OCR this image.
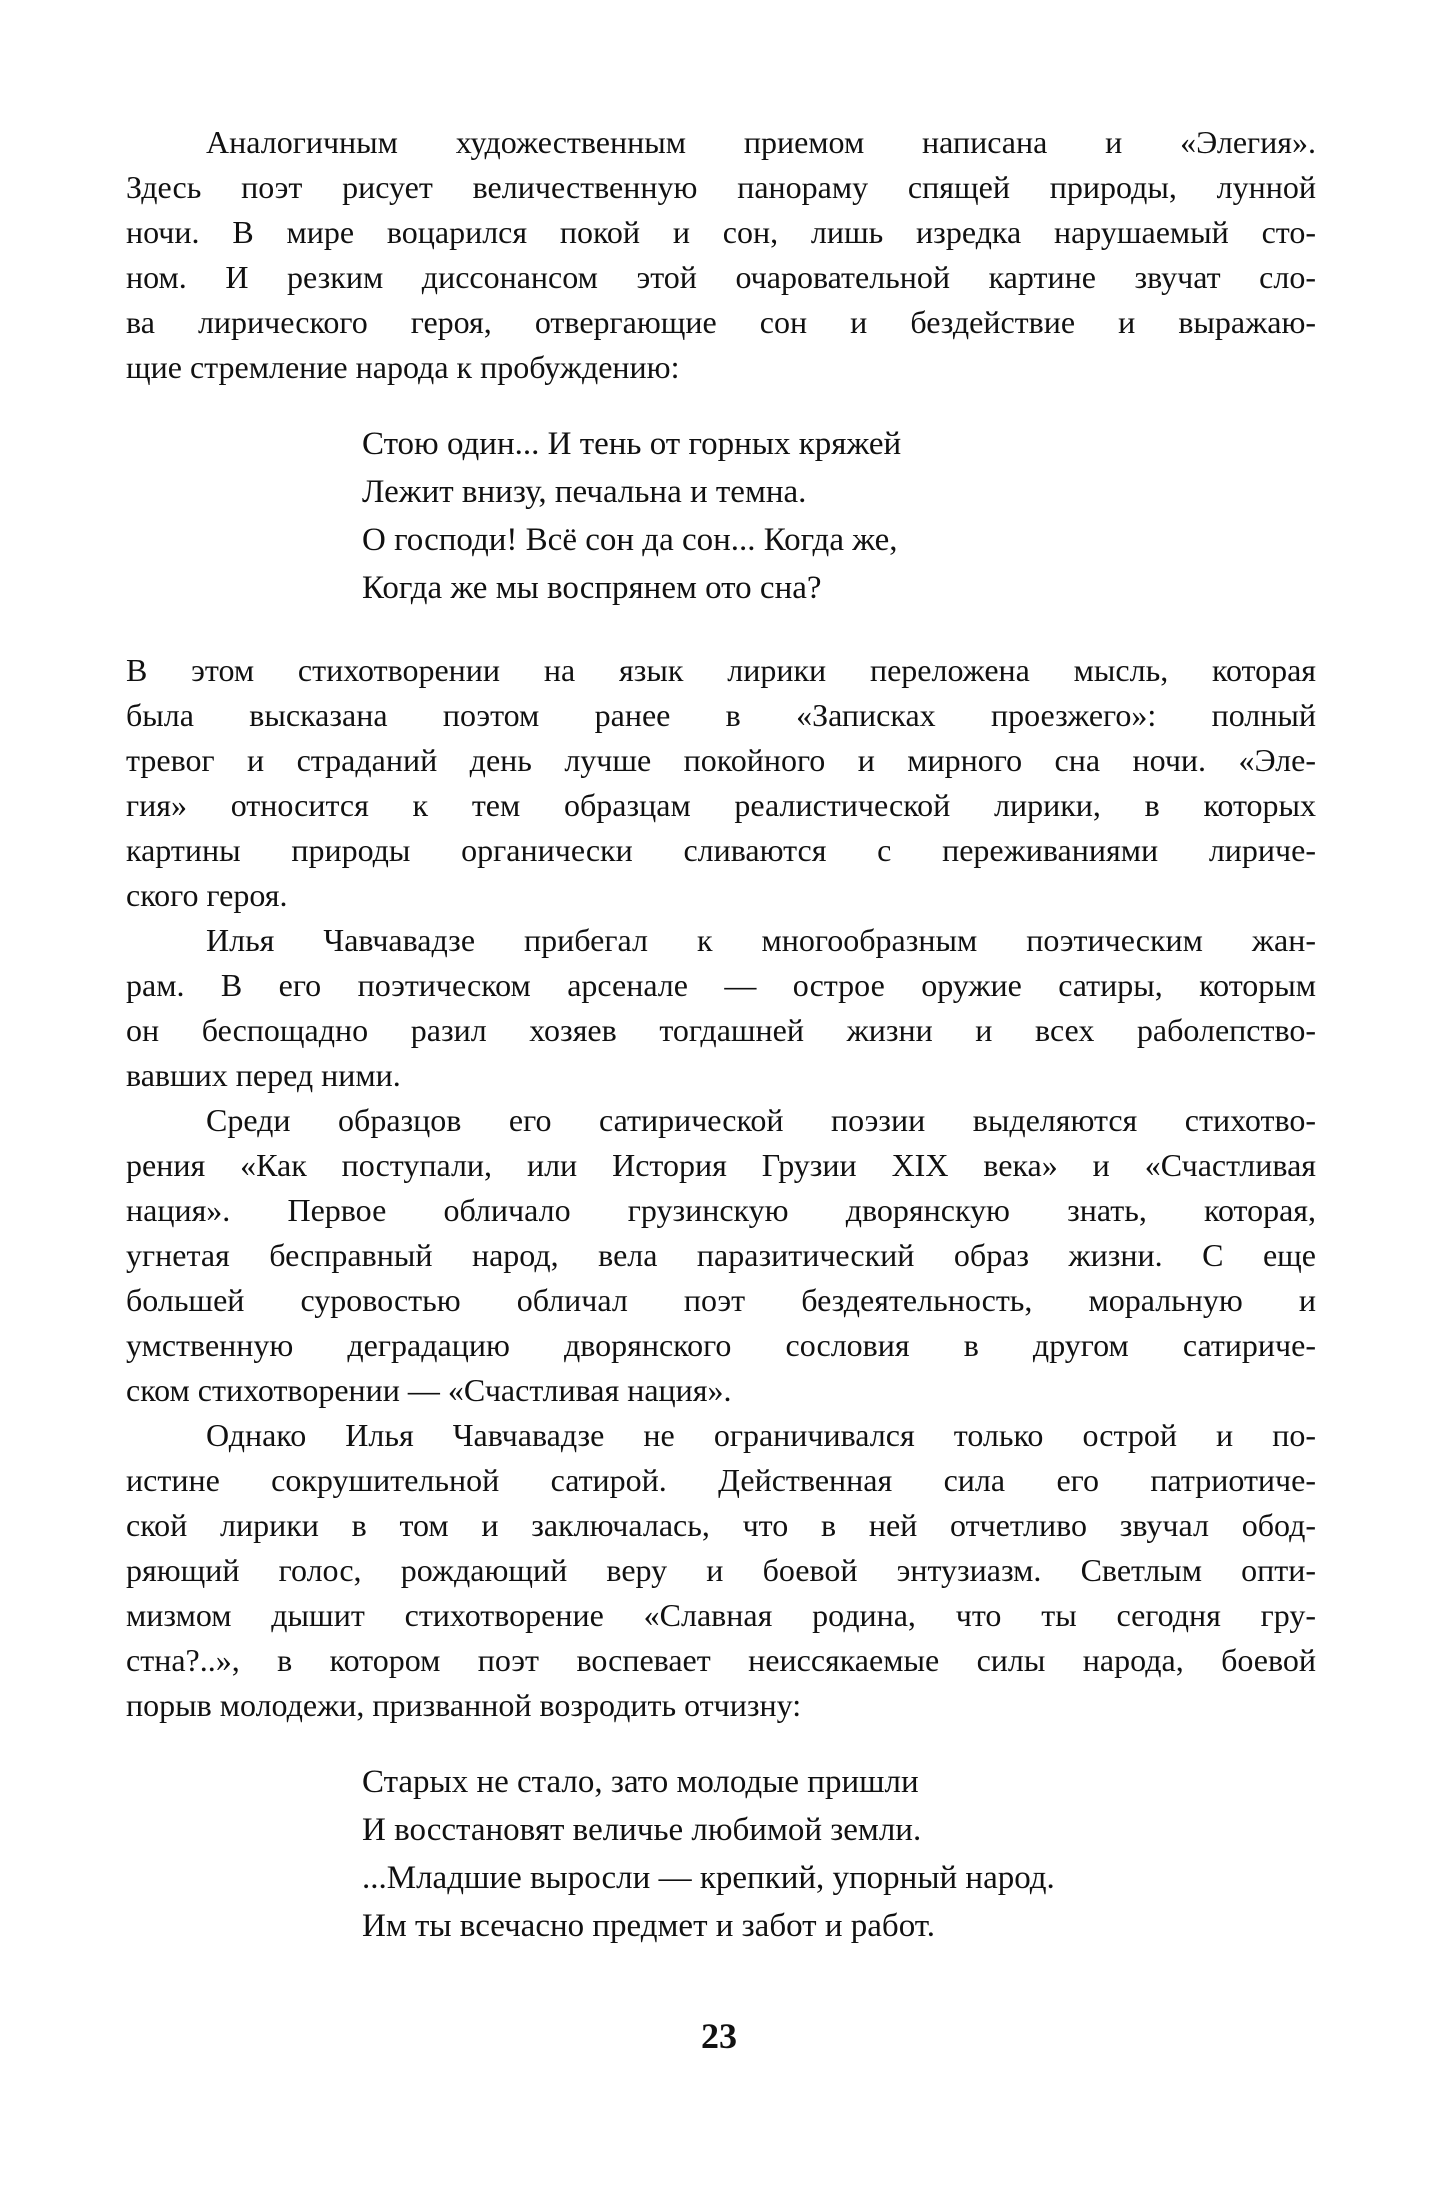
Аналогичным художественным приемом написана и «Элегия».
Здесь поэт рисует величественную панораму спящей природы, лунной
ночи. В мире воцарился покой и сон, лишь изредка нарушаемый сто-
ном. И резким диссонансом этой очаровательной картине звучат сло-
ва лирического героя, отвергающие сон и бездействие и выражаю-
щие стремление народа к пробуждению:
Стою один... И тень от горных кряжей
Лежит внизу, печальна и темна.
О господи! Всё сон да сон... Когда же,
Когда же мы воспрянем ото сна?
В этом стихотворении на язык лирики переложена мысль, которая
была высказана поэтом ранее в «Записках проезжего»: полный
тревог и страданий день лучше покойного и мирного сна ночи. «Эле-
гия» относится к тем образцам реалистической лирики, в которых
картины природы органически сливаются с переживаниями лириче-
ского героя.
Илья Чавчавадзе прибегал к многообразным поэтическим жан-
рам. В его поэтическом арсенале — острое оружие сатиры, которым
он беспощадно разил хозяев тогдашней жизни и всех раболепство-
вавших перед ними.
Среди образцов его сатирической поэзии выделяются стихотво-
рения «Как поступали, или История Грузии XIX века» и «Счастливая
нация». Первое обличало грузинскую дворянскую знать, которая,
угнетая бесправный народ, вела паразитический образ жизни. С еще
большей суровостью обличал поэт бездеятельность, моральную и
умственную деградацию дворянского сословия в другом сатириче-
ском стихотворении — «Счастливая нация».
Однако Илья Чавчавадзе не ограничивался только острой и по-
истине сокрушительной сатирой. Действенная сила его патриотиче-
ской лирики в том и заключалась, что в ней отчетливо звучал обод-
ряющий голос, рождающий веру и боевой энтузиазм. Светлым опти-
мизмом дышит стихотворение «Славная родина, что ты сегодня гру-
стна?..», в котором поэт воспевает неиссякаемые силы народа, боевой
порыв молодежи, призванной возродить отчизну:
Старых не стало, зато молодые пришли
И восстановят величье любимой земли.
...Младшие выросли — крепкий, упорный народ.
Им ты всечасно предмет и забот и работ.
23
